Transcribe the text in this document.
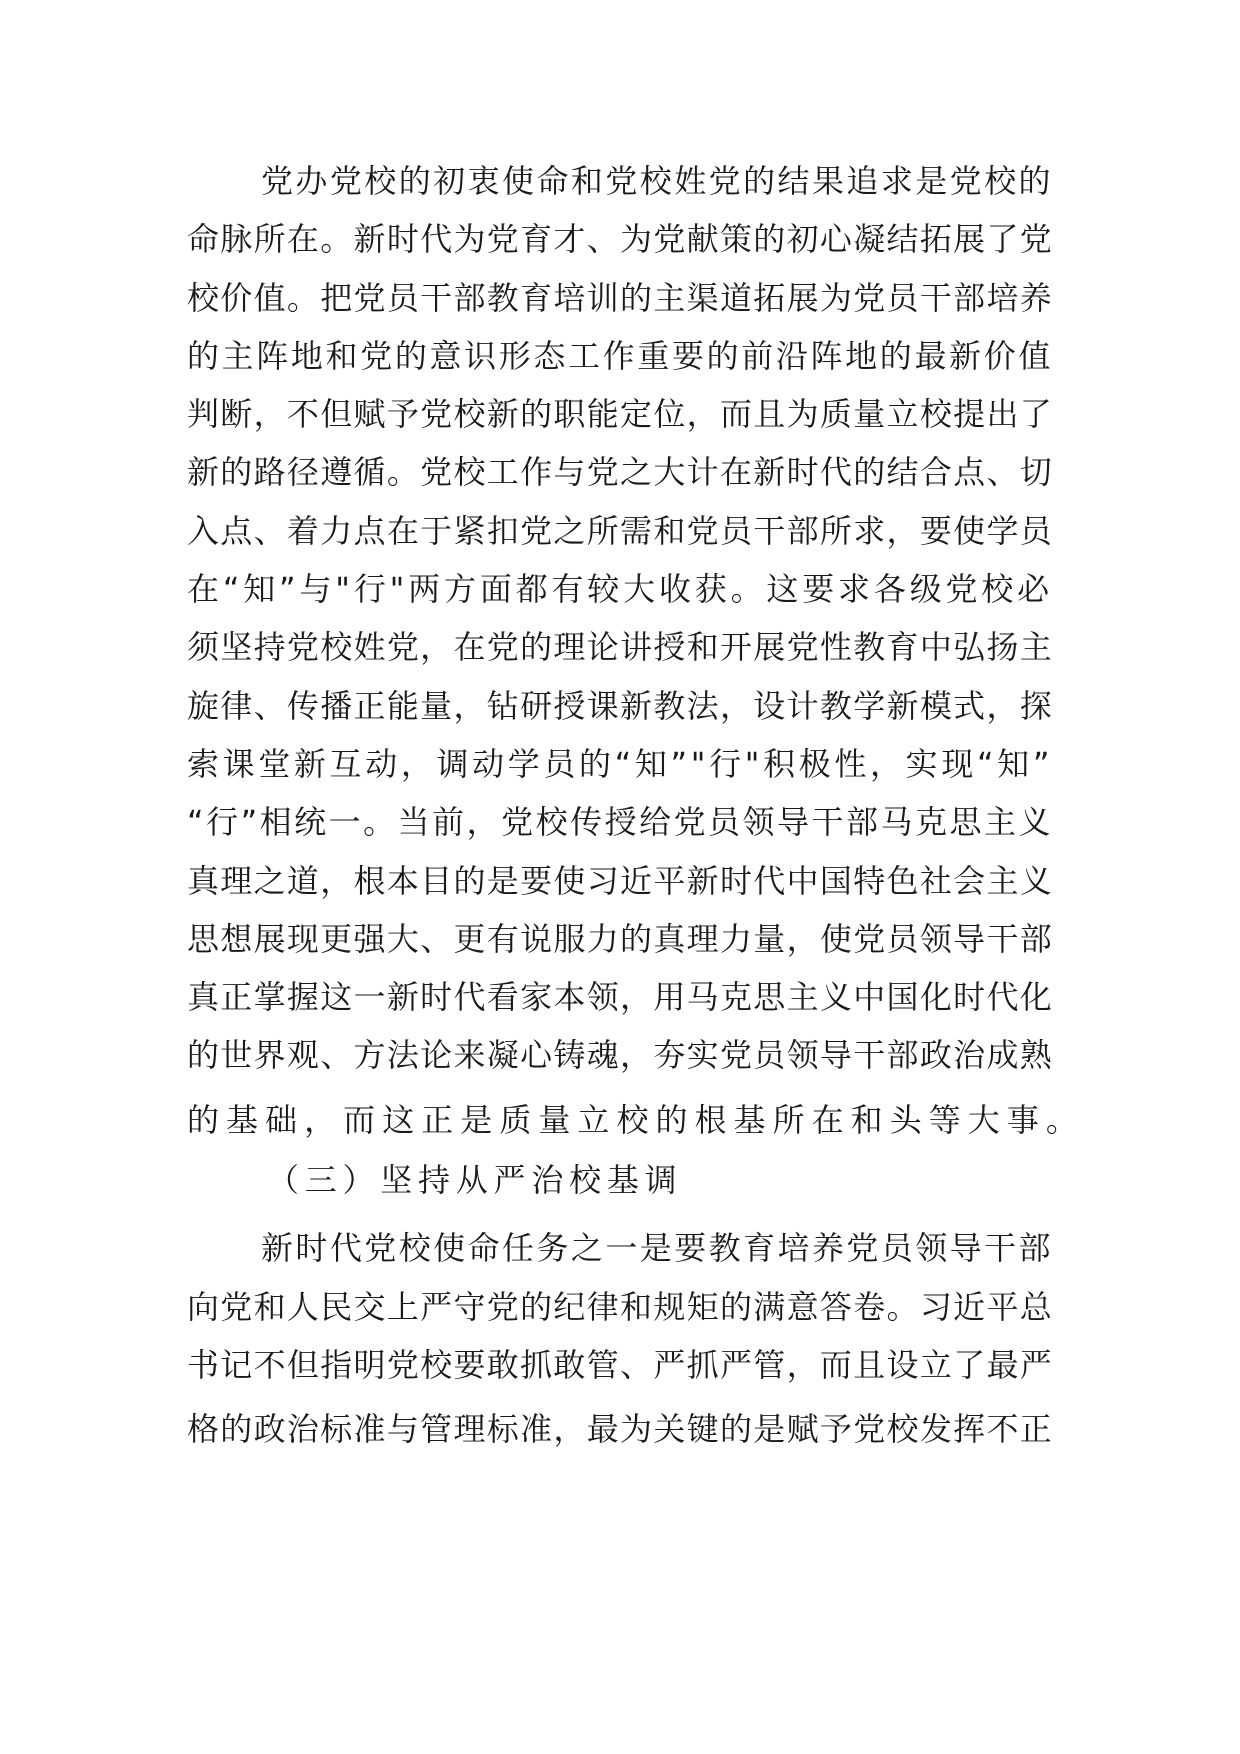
党办党校的初衷使命和党校姓党的结果追求是党校的
命脉所在。新时代为党育才、为党献策的初心凝结拓展了党
校价值。把党员干部教育培训的主渠道拓展为党员干部培养
的主阵地和党的意识形态工作重要的前沿阵地的最新价值
判断，不但赋予党校新的职能定位，而且为质量立校提出了
新的路径遵循。党校工作与党之大计在新时代的结合点、切
入点、着力点在于紧扣党之所需和党员干部所求，要使学员
在“知”与"行"两方面都有较大收获。这要求各级党校必
须坚持党校姓党，在党的理论讲授和开展党性教育中弘扬主
旋律、传播正能量，钻研授课新教法，设计教学新模式，探
索课堂新互动，调动学员的“知”"行"积极性，实现“知”
“行”相统一。当前，党校传授给党员领导干部马克思主义
真理之道，根本目的是要使习近平新时代中国特色社会主义
思想展现更强大、更有说服力的真理力量，使党员领导干部
真正掌握这一新时代看家本领，用马克思主义中国化时代化
的世界观、方法论来凝心铸魂，夯实党员领导干部政治成熟
的基础，而这正是质量立校的根基所在和头等大事。
（三）坚持从严治校基调
新时代党校使命任务之一是要教育培养党员领导干部
向党和人民交上严守党的纪律和规矩的满意答卷。习近平总
书记不但指明党校要敢抓敢管、严抓严管，而且设立了最严
格的政治标准与管理标准，最为关键的是赋予党校发挥不正
